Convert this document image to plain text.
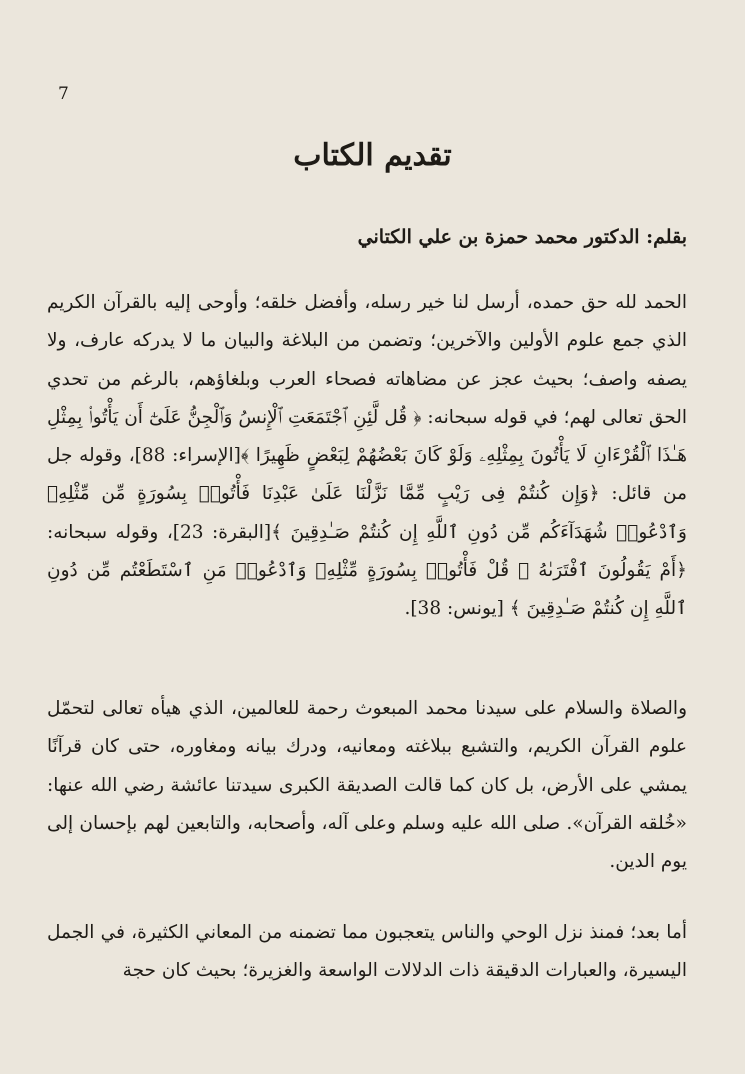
7
تقديم الكتاب
بقلم: الدكتور محمد حمزة بن علي الكتاني

الحمد لله حق حمده، أرسل لنا خير رسله، وأفضل خلقه؛ وأوحى إليه بالقرآن الكريم الذي جمع علوم الأولين والآخرين؛ وتضمن من البلاغة والبيان ما لا يدركه عارف، ولا يصفه واصف؛ بحيث عجز عن مضاهاته فصحاء العرب وبلغاؤهم، بالرغم من تحدي الحق تعالى لهم؛ في قوله سبحانه: ﴿ قُل لَّئِنِ ٱجْتَمَعَتِ ٱلْإِنسُ وَٱلْجِنُّ عَلَىٰٓ أَن يَأْتُوا۟ بِمِثْلِ هَـٰذَا ٱلْقُرْءَانِ لَا يَأْتُونَ بِمِثْلِهِۦ وَلَوْ كَانَ بَعْضُهُمْ لِبَعْضٍ ظَهِيرًا ﴾[الإسراء: 88]، وقوله جل من قائل: ﴿وَإِن كُنتُمْ فِى رَيْبٍ مِّمَّا نَزَّلْنَا عَلَىٰ عَبْدِنَا فَأْتُوا۟ بِسُورَةٍ مِّن مِّثْلِهِۦ وَٱدْعُوا۟ شُهَدَآءَكُم مِّن دُونِ ٱللَّهِ إِن كُنتُمْ صَـٰدِقِينَ ﴾[البقرة: 23]، وقوله سبحانه: ﴿أَمْ يَقُولُونَ ٱفْتَرَىٰهُ ۖ قُلْ فَأْتُوا۟ بِسُورَةٍ مِّثْلِهِۦ وَٱدْعُوا۟ مَنِ ٱسْتَطَعْتُم مِّن دُونِ ٱللَّهِ إِن كُنتُمْ صَـٰدِقِينَ ﴾ [يونس: 38].

والصلاة والسلام على سيدنا محمد المبعوث رحمة للعالمين، الذي هيأه تعالى لتحمّل علوم القرآن الكريم، والتشبع ببلاغته ومعانيه، ودرك بيانه ومغاوره، حتى كان قرآنًا يمشي على الأرض، بل كان كما قالت الصديقة الكبرى سيدتنا عائشة رضي الله عنها: «خُلقه القرآن». صلى الله عليه وسلم وعلى آله، وأصحابه، والتابعين لهم بإحسان إلى يوم الدين.

أما بعد؛ فمنذ نزل الوحي والناس يتعجبون مما تضمنه من المعاني الكثيرة، في الجمل اليسيرة، والعبارات الدقيقة ذات الدلالات الواسعة والغزيرة؛ بحيث كان حجة
